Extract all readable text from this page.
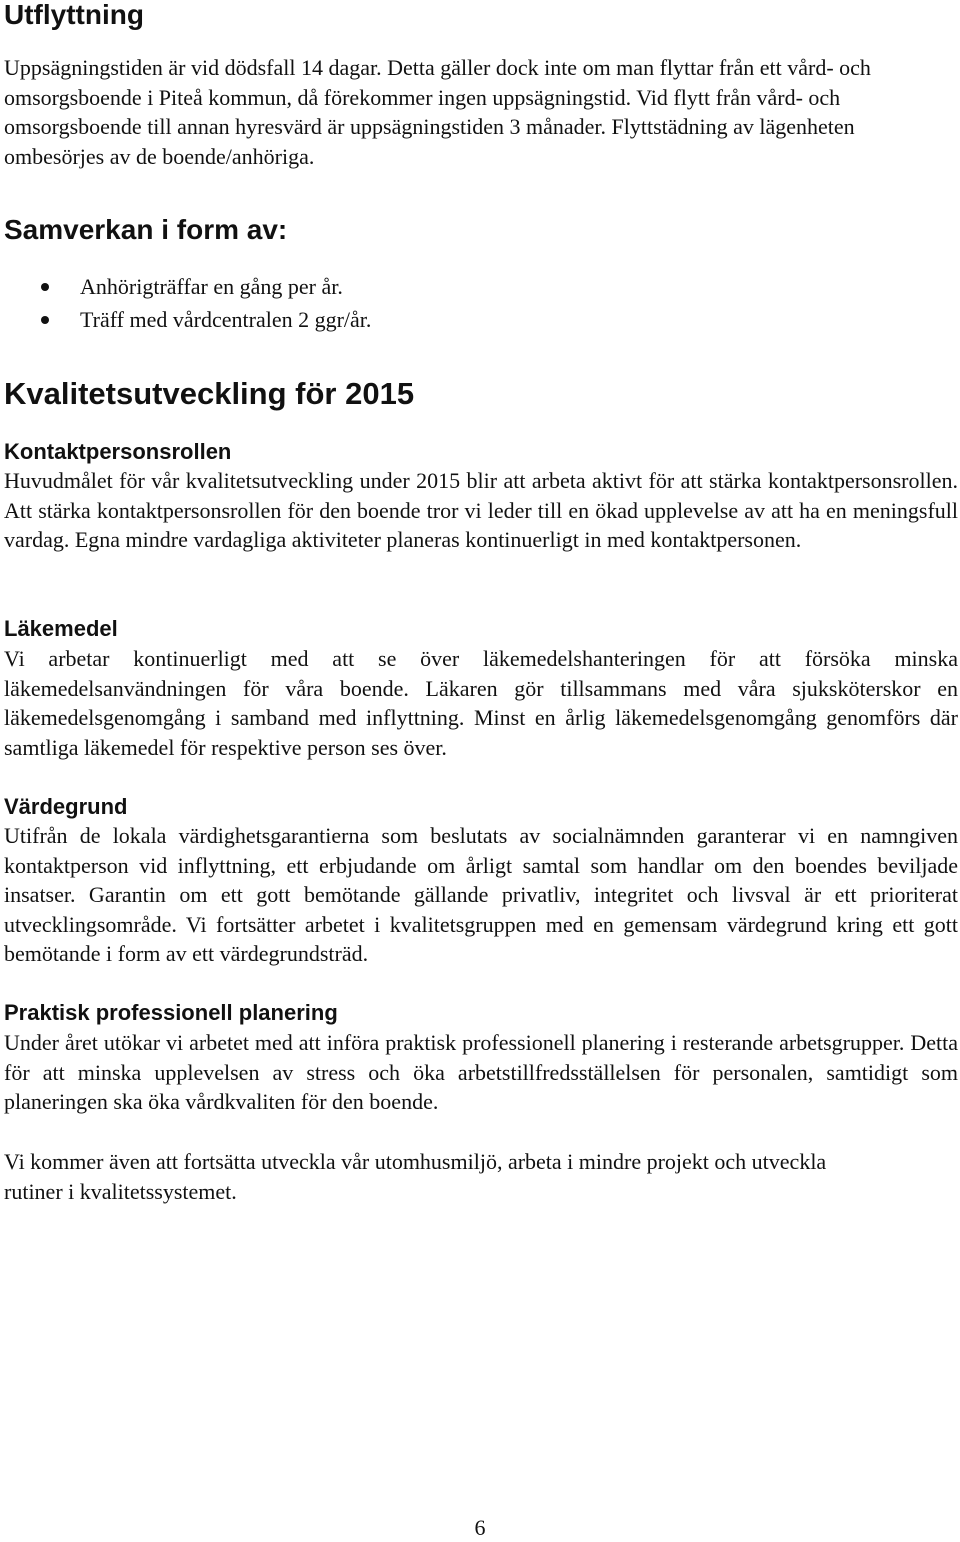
Utflyttning

Uppsägningstiden är vid dödsfall 14 dagar. Detta gäller dock inte om man flyttar från ett vård- och omsorgsboende i Piteå kommun, då förekommer ingen uppsägningstid. Vid flytt från vård- och omsorgsboende till annan hyresvärd är uppsägningstiden 3 månader. Flyttstädning av lägenheten ombesörjes av de boende/anhöriga.

Samverkan i form av:
Anhörigträffar en gång per år.
Träff med vårdcentralen 2 ggr/år.
Kvalitetsutveckling för 2015
Kontaktpersonsrollen

Huvudmålet för vår kvalitetsutveckling under 2015 blir att arbeta aktivt för att stärka kontaktpersonsrollen. Att stärka kontaktpersonsrollen för den boende tror vi leder till en ökad upplevelse av att ha en meningsfull vardag. Egna mindre vardagliga aktiviteter planeras kontinuerligt in med kontaktpersonen.

Läkemedel

Vi arbetar kontinuerligt med att se över läkemedelshanteringen för att försöka minska läkemedelsanvändningen för våra boende. Läkaren gör tillsammans med våra sjuksköterskor en läkemedelsgenomgång i samband med inflyttning. Minst en årlig läkemedelsgenomgång genomförs där samtliga läkemedel för respektive person ses över.

Värdegrund

Utifrån de lokala värdighetsgarantierna som beslutats av socialnämnden garanterar vi en namngiven kontaktperson vid inflyttning, ett erbjudande om årligt samtal som handlar om den boendes beviljade insatser. Garantin om ett gott bemötande gällande privatliv, integritet och livsval är ett prioriterat utvecklingsområde. Vi fortsätter arbetet i kvalitetsgruppen med en gemensam värdegrund kring ett gott bemötande i form av ett värdegrundsträd.

Praktisk professionell planering

Under året utökar vi arbetet med att införa praktisk professionell planering i resterande arbetsgrupper. Detta för att minska upplevelsen av stress och öka arbetstillfredsställelsen för personalen, samtidigt som planeringen ska öka vårdkvaliten för den boende.

Vi kommer även att fortsätta utveckla vår utomhusmiljö, arbeta i mindre projekt och utveckla rutiner i kvalitetssystemet.

6
